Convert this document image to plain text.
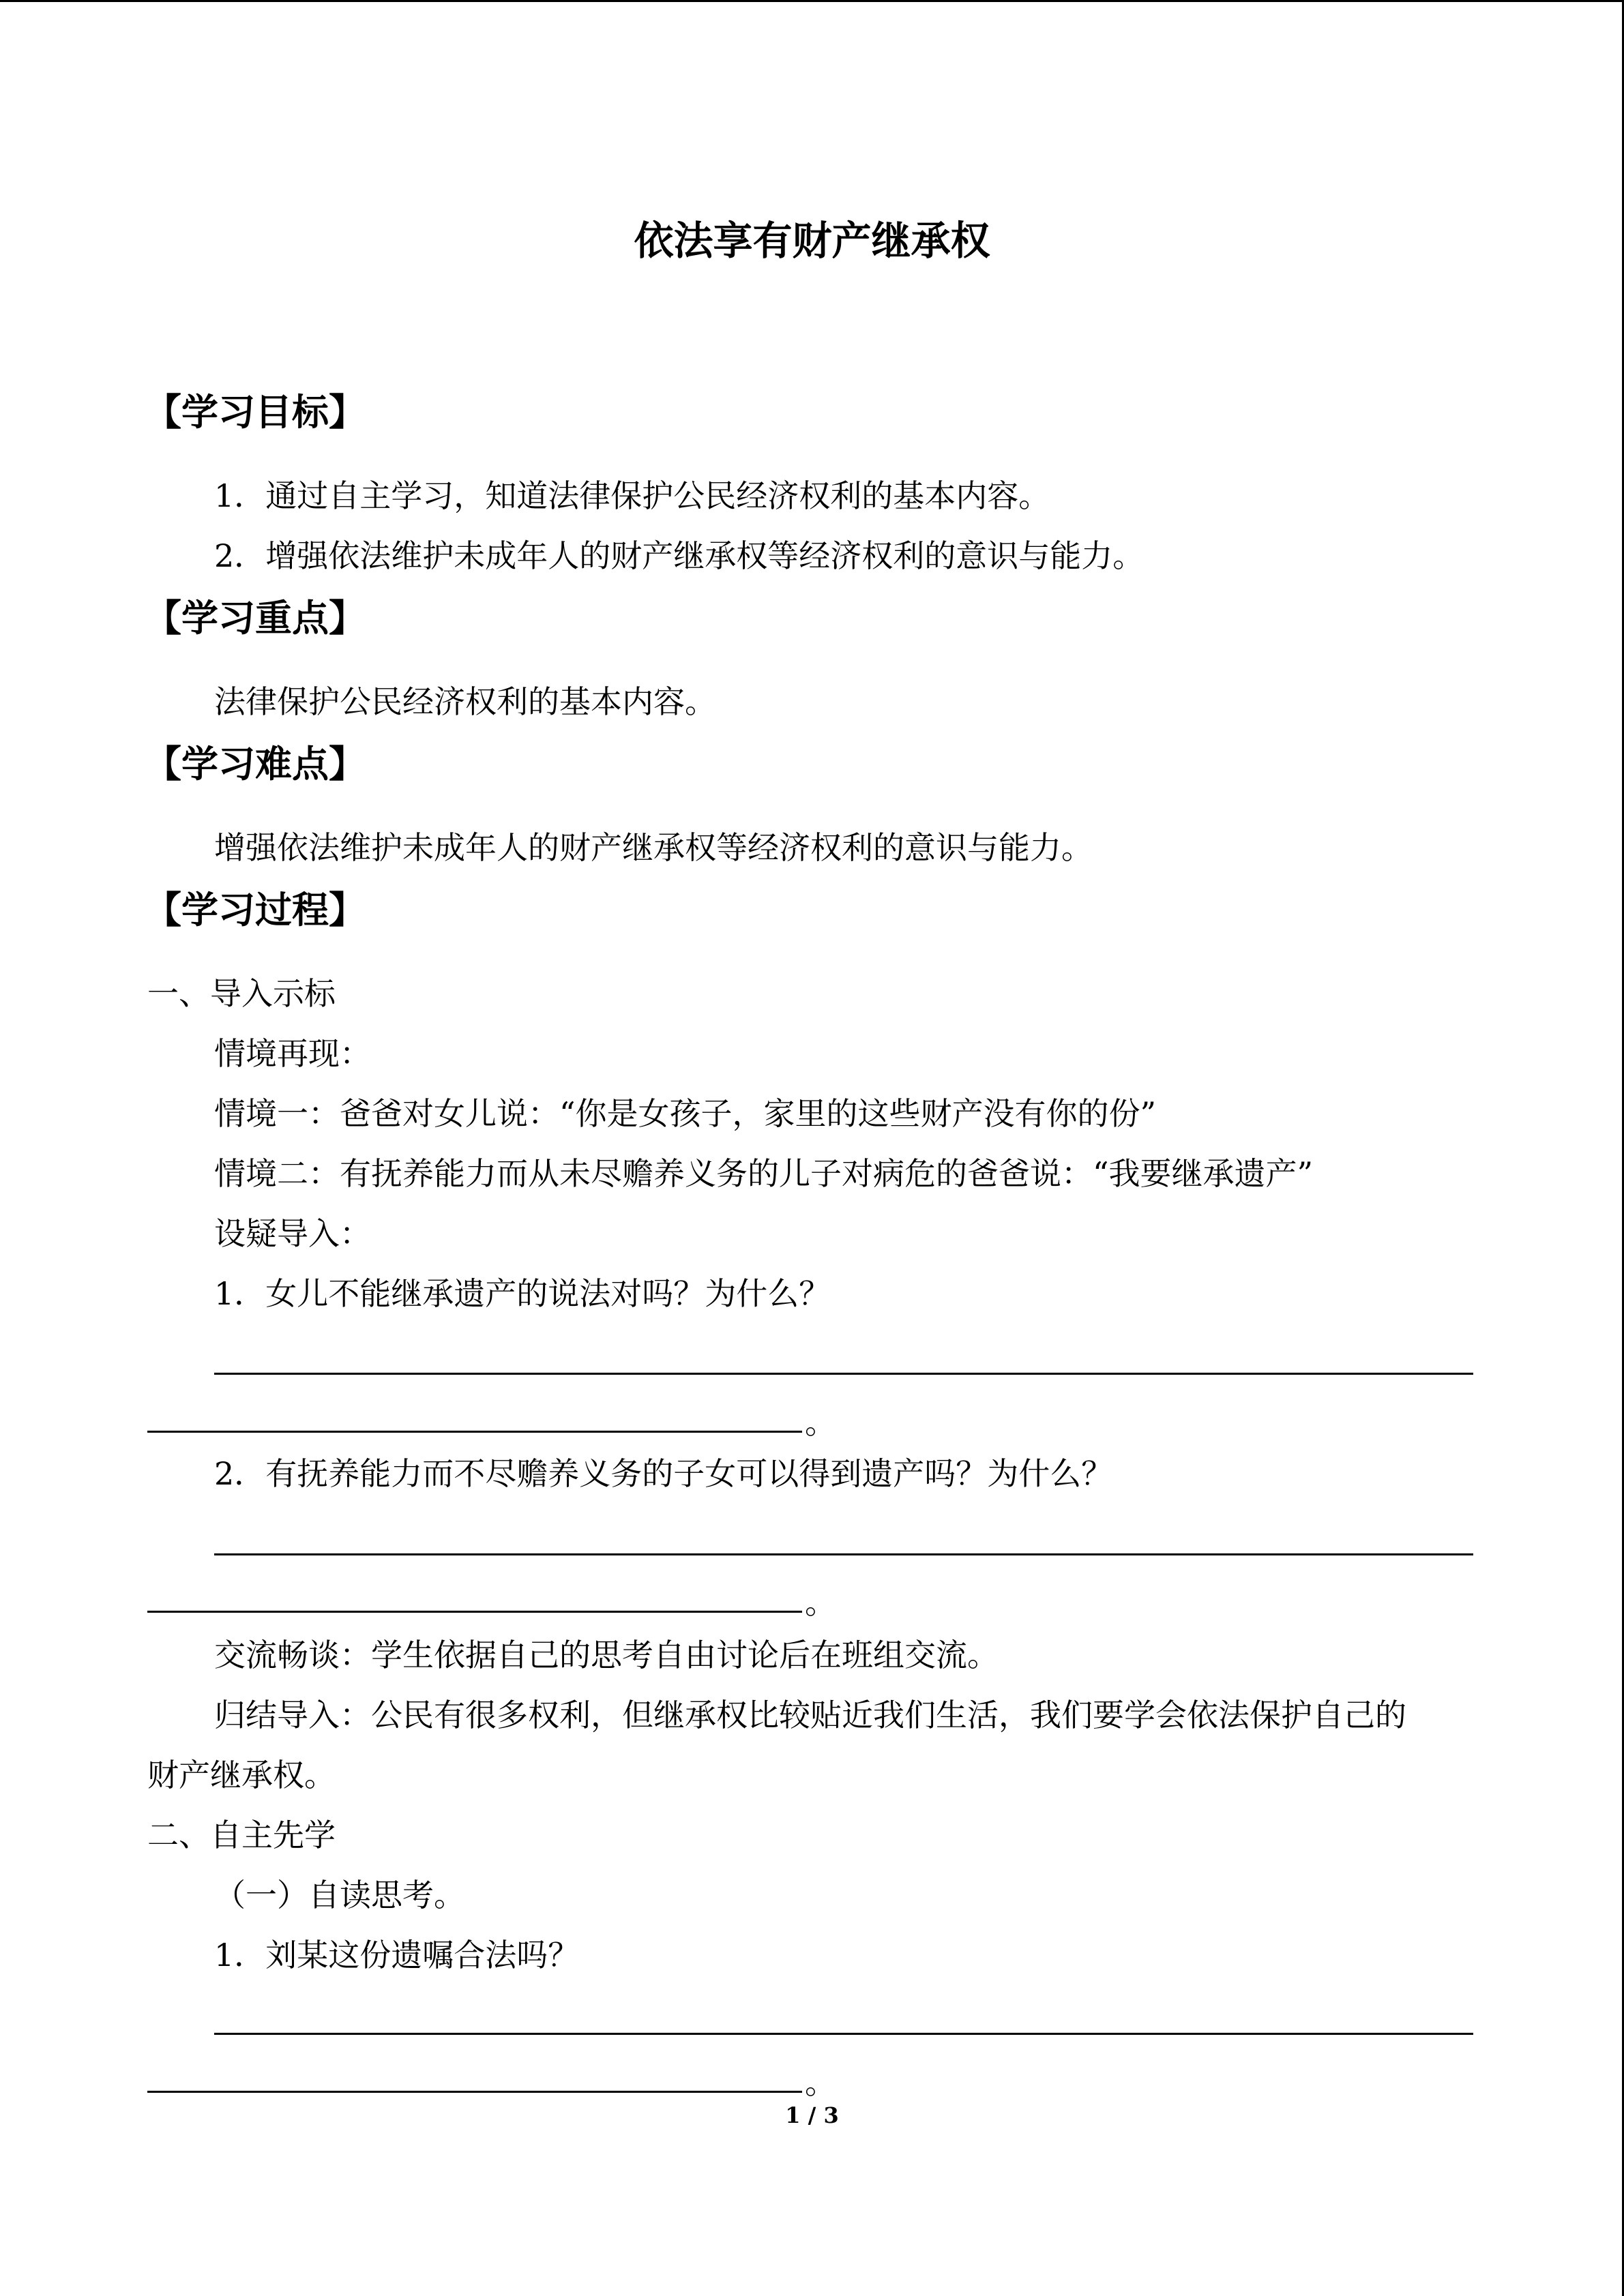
依法享有财产继承权
【学习目标】
1．通过自主学习，知道法律保护公民经济权利的基本内容。
2．增强依法维护未成年人的财产继承权等经济权利的意识与能力。
【学习重点】
法律保护公民经济权利的基本内容。
【学习难点】
增强依法维护未成年人的财产继承权等经济权利的意识与能力。
【学习过程】
一、导入示标
情境再现：
情境一：爸爸对女儿说：“你是女孩子，家里的这些财产没有你的份”
情境二：有抚养能力而从未尽赡养义务的儿子对病危的爸爸说：“我要继承遗产”
设疑导入：
1．女儿不能继承遗产的说法对吗？为什么？
。
2．有抚养能力而不尽赡养义务的子女可以得到遗产吗？为什么？
。
交流畅谈：学生依据自己的思考自由讨论后在班组交流。
归结导入：公民有很多权利，但继承权比较贴近我们生活，我们要学会依法保护自己的
财产继承权。
二、自主先学
（一）自读思考。
1．刘某这份遗嘱合法吗？
。
1 / 3
